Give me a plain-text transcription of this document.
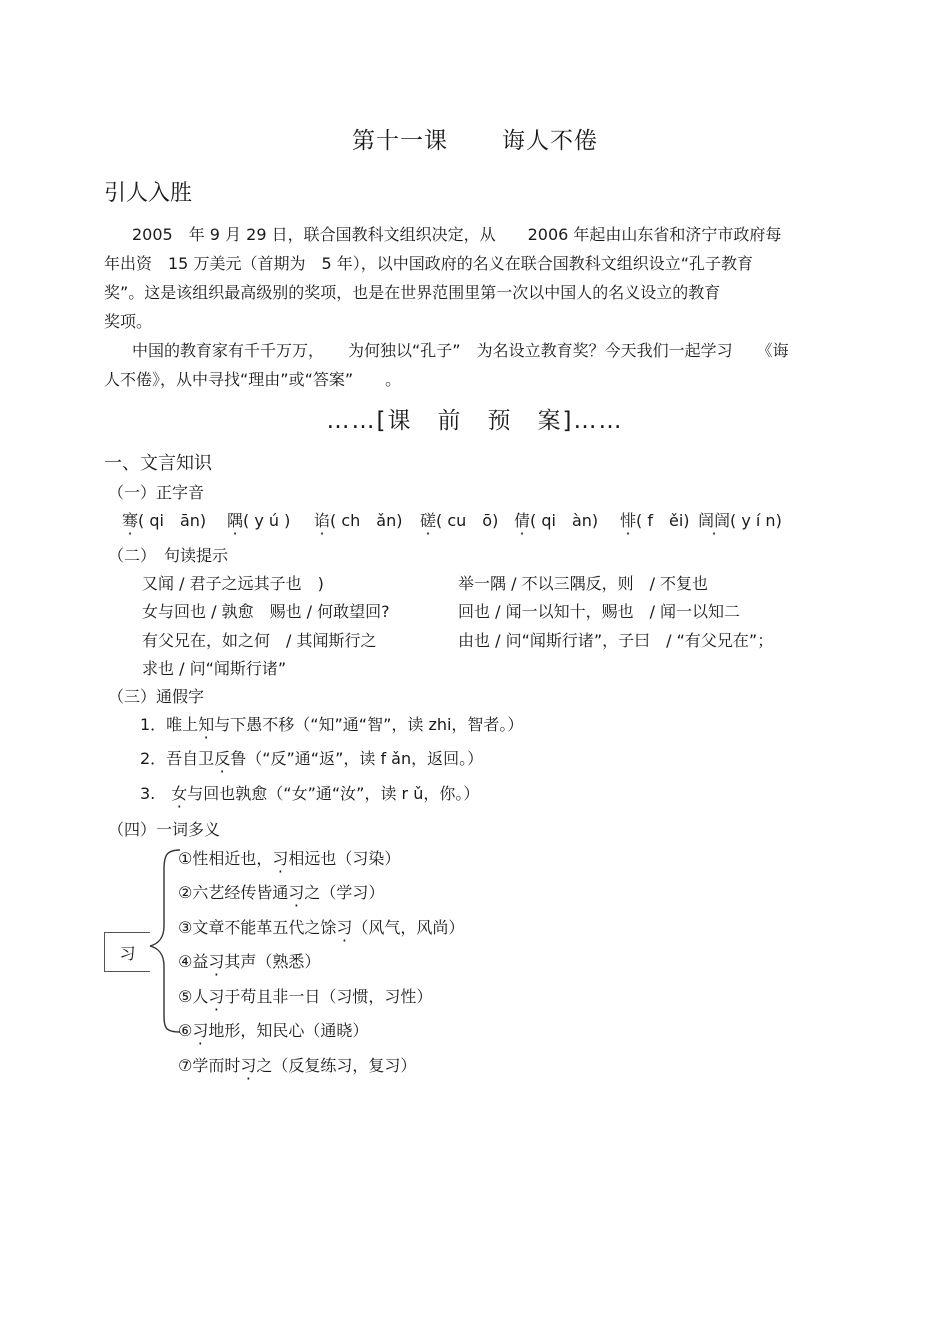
第十一课 诲人不倦
引人入胜

2005　年 9 月 29 日，联合国教科文组织决定，从　　2006 年起由山东省和济宁市政府每

年出资　15 万美元（首期为　5 年），以中国政府的名义在联合国教科文组织设立“孔子教育

奖”。这是该组织最高级别的奖项，也是在世界范围里第一次以中国人的名义设立的教育

奖项。

中国的教育家有千千万万，　　为何独以“孔子”　为名设立教育奖？今天我们一起学习　　《诲

人不倦》，从中寻找“理由”或“答案”　　。

……[课　前　预　案]……
一、文言知识
（一）正字音
骞( qi　ān) 隅( y ú ) 谄( ch　ǎn) 磋( cu　ō) 倩( qi　àn) 悱( f　ěi) 訚訚( y í n)
（二）　句读提示
又闻 / 君子之远其子也　)
女与回也 / 孰愈　赐也 / 何敢望回?
有父兄在，如之何　/ 其闻斯行之
求也 / 问“闻斯行诸”
举一隅 / 不以三隅反，则　/ 不复也
回也 / 闻一以知十，赐也　/ 闻一以知二
由也 / 问“闻斯行诸”，子曰　/ “有父兄在”；
（三）通假字
1．唯上知与下愚不移（“知”通“智”，读 zhi，智者。）
2．吾自卫反鲁（“反”通“返”，读 f ǎn，返回。）
3.　女与回也孰愈（“女”通“汝”，读 r ǔ，你。）
（四）一词多义
习
①性相近也，习相远也（习染）
②六艺经传皆通习之（学习）
③文章不能革五代之馀习（风气，风尚）
④益习其声（熟悉）
⑤人习于苟且非一日（习惯，习性）
⑥习地形，知民心（通晓）
⑦学而时习之（反复练习，复习）
